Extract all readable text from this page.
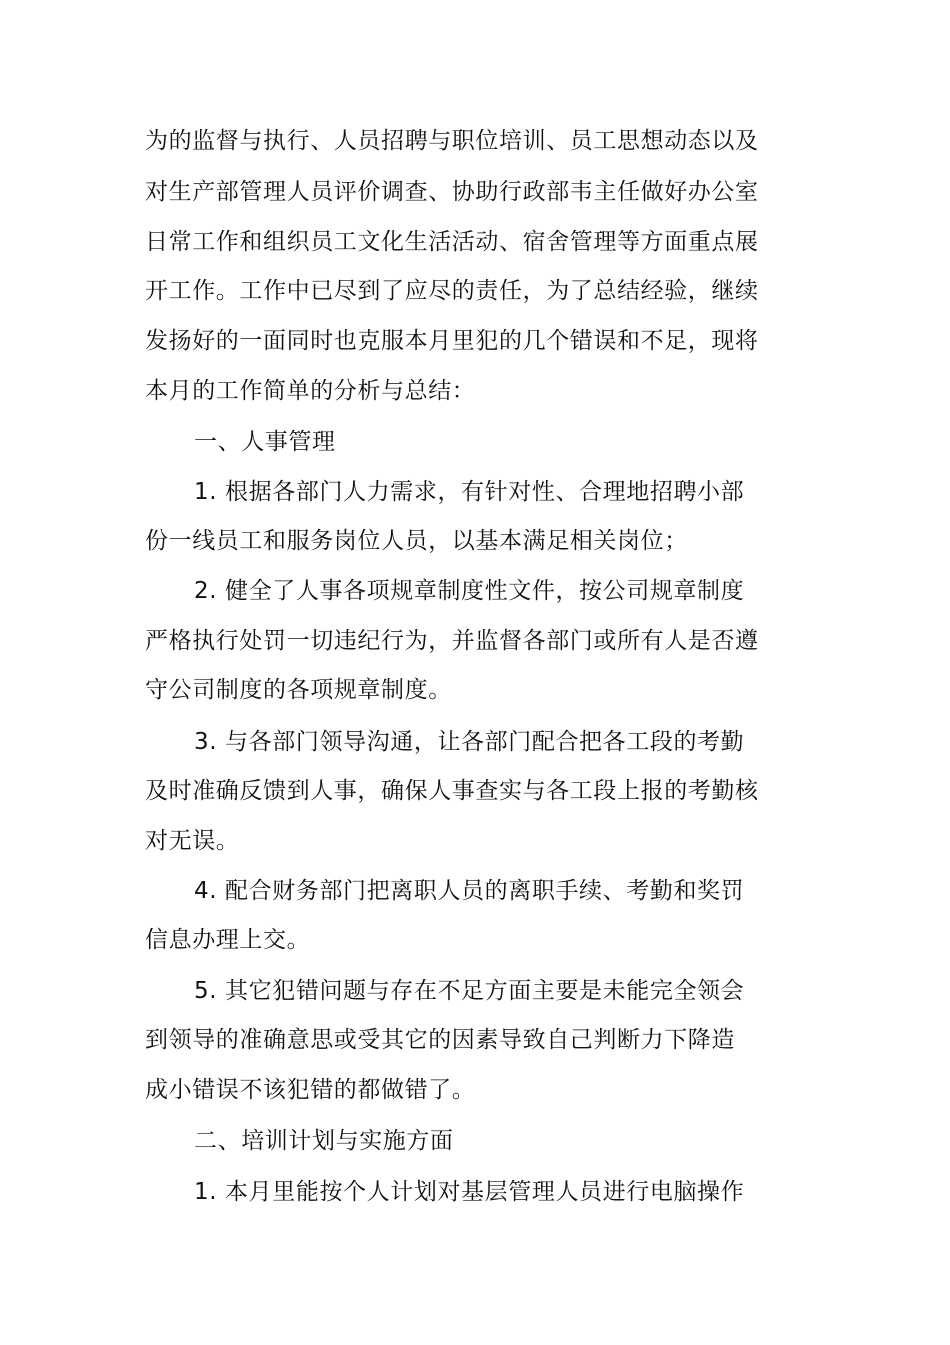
为的监督与执行、人员招聘与职位培训、员工思想动态以及

对生产部管理人员评价调查、协助行政部韦主任做好办公室

日常工作和组织员工文化生活活动、宿舍管理等方面重点展

开工作。工作中已尽到了应尽的责任，为了总结经验，继续

发扬好的一面同时也克服本月里犯的几个错误和不足，现将

本月的工作简单的分析与总结：

一、人事管理

1. 根据各部门人力需求，有针对性、合理地招聘小部

份一线员工和服务岗位人员，以基本满足相关岗位；

2. 健全了人事各项规章制度性文件，按公司规章制度

严格执行处罚一切违纪行为，并监督各部门或所有人是否遵

守公司制度的各项规章制度。

3. 与各部门领导沟通，让各部门配合把各工段的考勤

及时准确反馈到人事，确保人事查实与各工段上报的考勤核

对无误。

4. 配合财务部门把离职人员的离职手续、考勤和奖罚

信息办理上交。

5. 其它犯错问题与存在不足方面主要是未能完全领会

到领导的准确意思或受其它的因素导致自己判断力下降造

成小错误不该犯错的都做错了。

二、培训计划与实施方面

1. 本月里能按个人计划对基层管理人员进行电脑操作
